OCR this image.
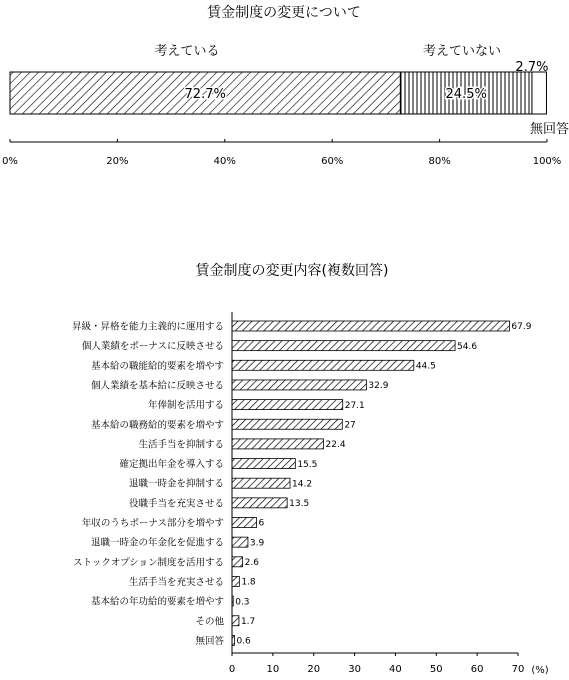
賃金制度の変更について
考えている	考えていない
無回答
72.7%	24.5%
2.7%
0%	20%	40%	60%	80%	100%
賃金制度の変更内容(複数回答)
昇級・昇格を能力主義的に運用する
個人業績をボーナスに反映させる
基本給の職能給的要素を増やす
個人業績を基本給に反映させる
年俸制を活用する
基本給の職務給的要素を増やす
生活手当を抑制する
確定拠出年金を導入する
退職一時金を抑制する
役職手当を充実させる
年収のうちボーナス部分を増やす
退職一時金の年金化を促進する
ストックオプション制度を活用する
生活手当を充実させる
基本給の年功給的要素を増やす
その他
無回答
67.9
54.6
44.5
32.9
27.1
27
22.4
15.5
14.2
13.5
6
3.9
2.6
1.8
0.3
1.7
0.6
0	10	20	30	40	50	60	70 (%)
